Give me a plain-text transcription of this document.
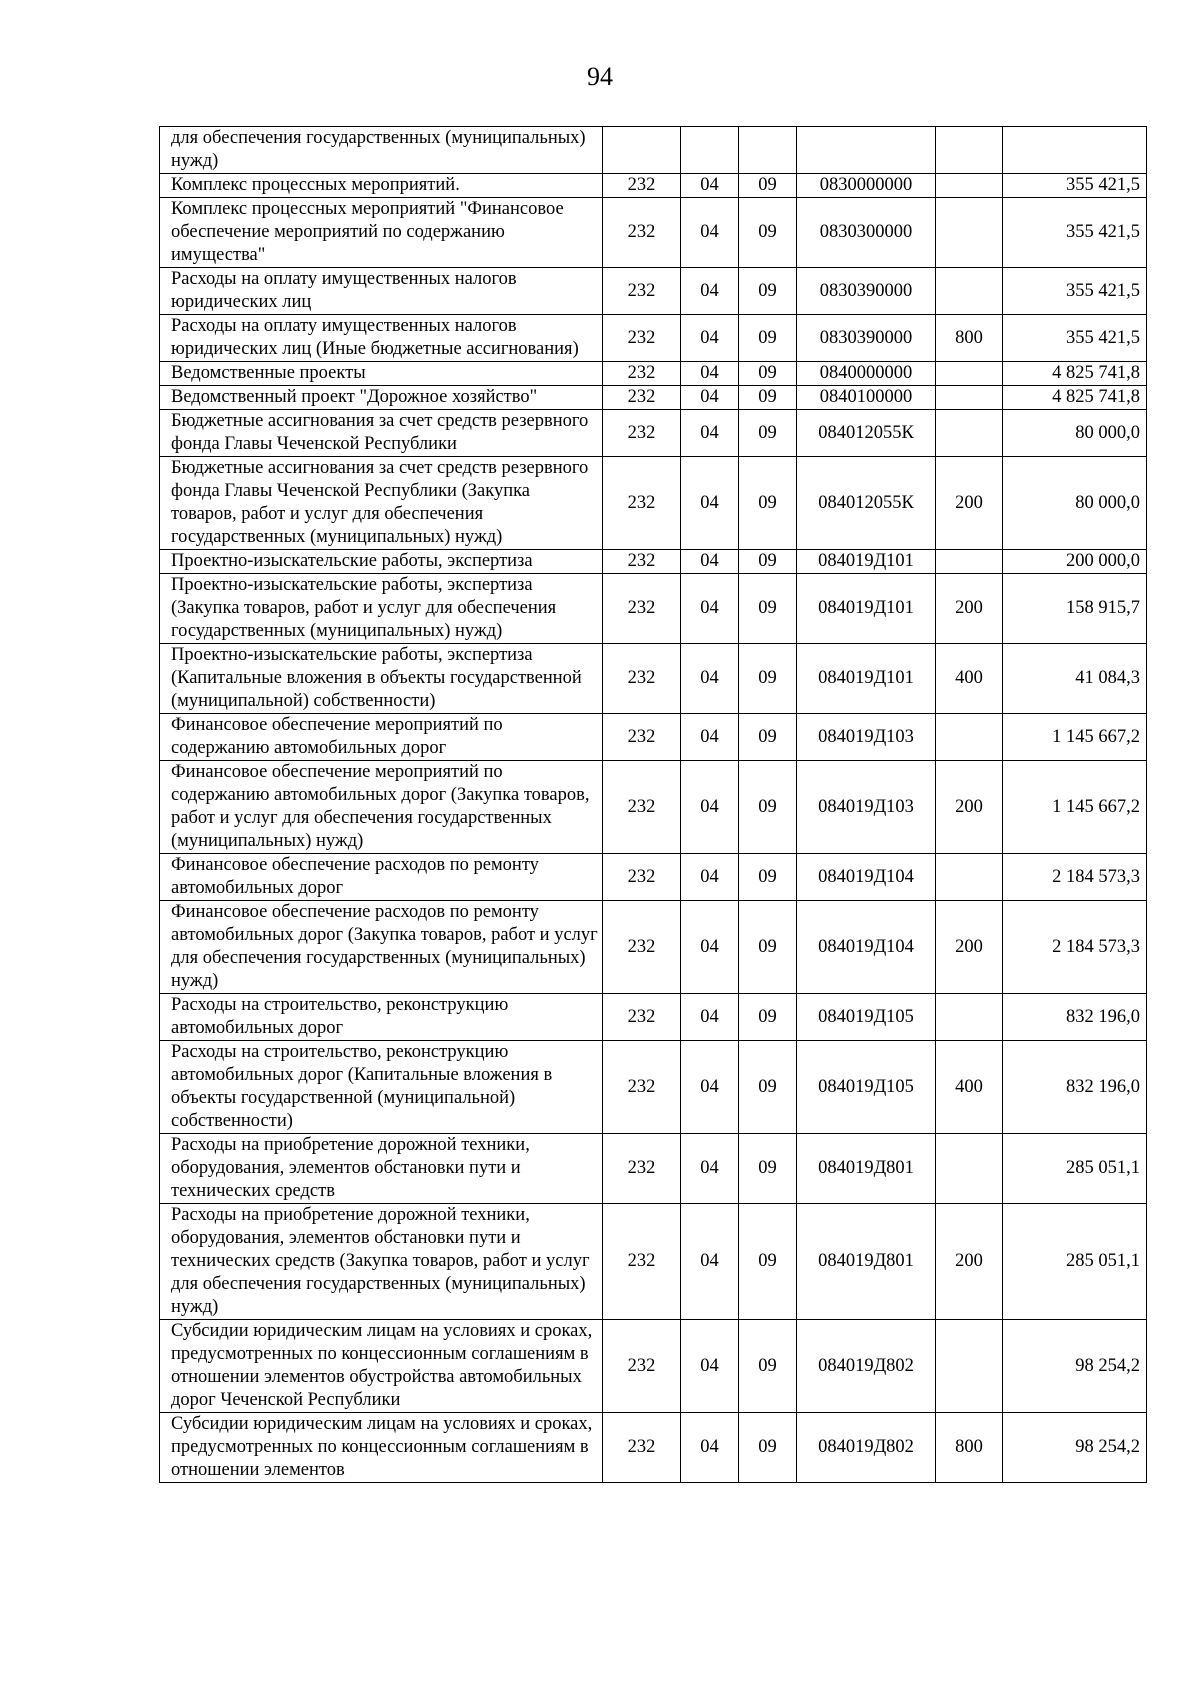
94
для обеспечения государственных (муниципальных) нужд)						
Комплекс процессных мероприятий.	232	04	09	0830000000		355 421,5
Комплекс процессных мероприятий "Финансовое обеспечение мероприятий по содержанию имущества"	232	04	09	0830300000		355 421,5
Расходы на оплату имущественных налогов юридических лиц	232	04	09	0830390000		355 421,5
Расходы на оплату имущественных налогов юридических лиц (Иные бюджетные ассигнования)	232	04	09	0830390000	800	355 421,5
Ведомственные проекты	232	04	09	0840000000		4 825 741,8
Ведомственный проект "Дорожное хозяйство"	232	04	09	0840100000		4 825 741,8
Бюджетные ассигнования за счет средств резервного фонда Главы Чеченской Республики	232	04	09	084012055К		80 000,0
Бюджетные ассигнования за счет средств резервного фонда Главы Чеченской Республики (Закупка товаров, работ и услуг для обеспечения государственных (муниципальных) нужд)	232	04	09	084012055К	200	80 000,0
Проектно-изыскательские работы, экспертиза	232	04	09	084019Д101		200 000,0
Проектно-изыскательские работы, экспертиза (Закупка товаров, работ и услуг для обеспечения государственных (муниципальных) нужд)	232	04	09	084019Д101	200	158 915,7
Проектно-изыскательские работы, экспертиза (Капитальные вложения в объекты государственной (муниципальной) собственности)	232	04	09	084019Д101	400	41 084,3
Финансовое обеспечение мероприятий по содержанию автомобильных дорог	232	04	09	084019Д103		1 145 667,2
Финансовое обеспечение мероприятий по содержанию автомобильных дорог (Закупка товаров, работ и услуг для обеспечения государственных (муниципальных) нужд)	232	04	09	084019Д103	200	1 145 667,2
Финансовое обеспечение расходов по ремонту автомобильных дорог	232	04	09	084019Д104		2 184 573,3
Финансовое обеспечение расходов по ремонту автомобильных дорог (Закупка товаров, работ и услуг для обеспечения государственных (муниципальных) нужд)	232	04	09	084019Д104	200	2 184 573,3
Расходы на строительство, реконструкцию автомобильных дорог	232	04	09	084019Д105		832 196,0
Расходы на строительство, реконструкцию автомобильных дорог (Капитальные вложения в объекты государственной (муниципальной) собственности)	232	04	09	084019Д105	400	832 196,0
Расходы на приобретение дорожной техники, оборудования, элементов обстановки пути и технических средств	232	04	09	084019Д801		285 051,1
Расходы на приобретение дорожной техники, оборудования, элементов обстановки пути и технических средств (Закупка товаров, работ и услуг для обеспечения государственных (муниципальных) нужд)	232	04	09	084019Д801	200	285 051,1
Субсидии юридическим лицам на условиях и сроках, предусмотренных по концессионным соглашениям в отношении элементов обустройства автомобильных дорог Чеченской Республики	232	04	09	084019Д802		98 254,2
Субсидии юридическим лицам на условиях и сроках, предусмотренных по концессионным соглашениям в отношении элементов	232	04	09	084019Д802	800	98 254,2
